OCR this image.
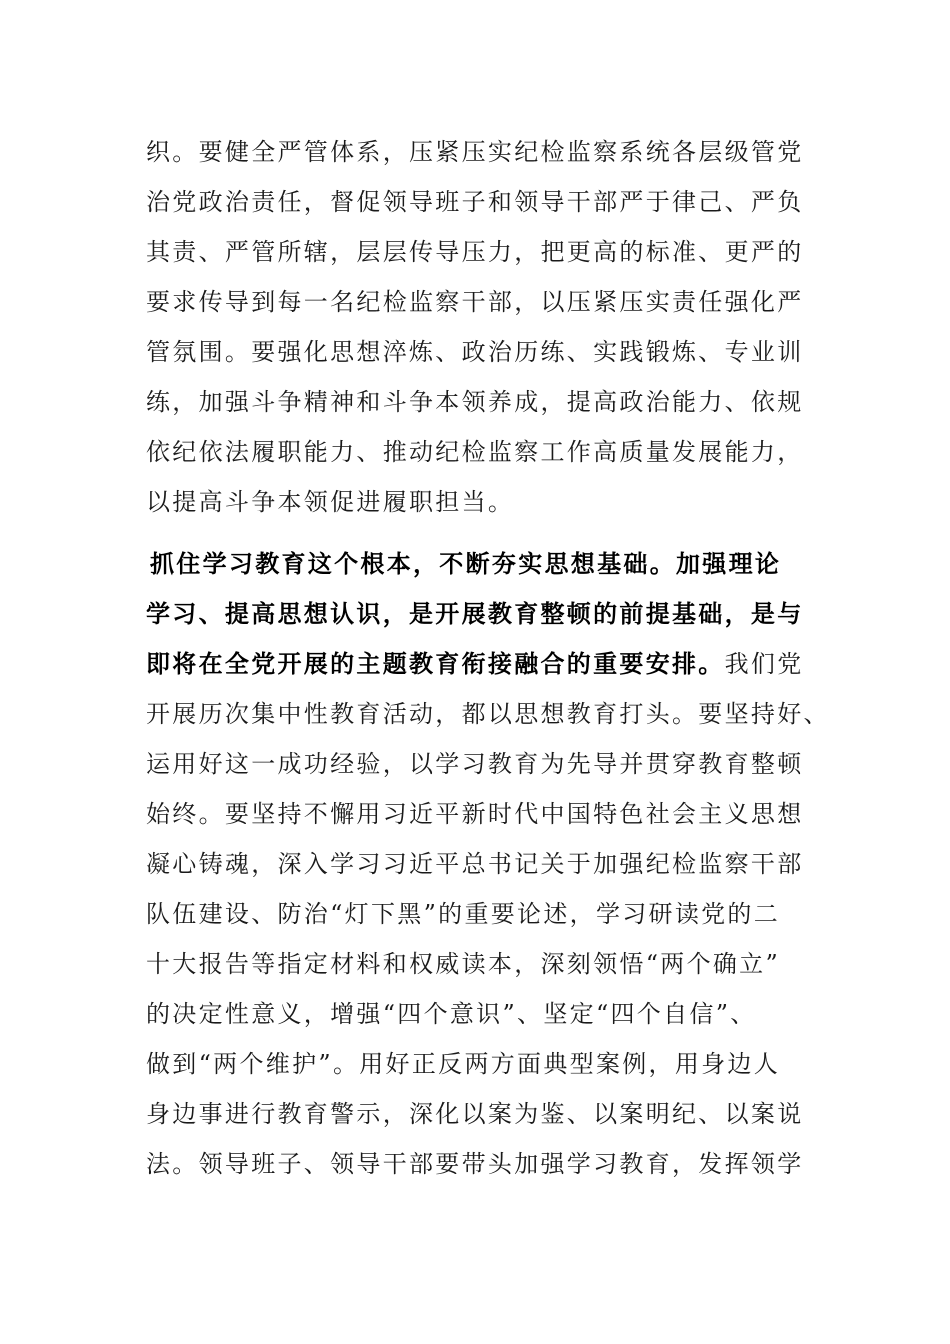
织。要健全严管体系，压紧压实纪检监察系统各层级管党
治党政治责任，督促领导班子和领导干部严于律己、严负
其责、严管所辖，层层传导压力，把更高的标准、更严的
要求传导到每一名纪检监察干部，以压紧压实责任强化严
管氛围。要强化思想淬炼、政治历练、实践锻炼、专业训
练，加强斗争精神和斗争本领养成，提高政治能力、依规
依纪依法履职能力、推动纪检监察工作高质量发展能力，
以提高斗争本领促进履职担当。
抓住学习教育这个根本，不断夯实思想基础。加强理论
学习、提高思想认识，是开展教育整顿的前提基础，是与
即将在全党开展的主题教育衔接融合的重要安排。我们党
开展历次集中性教育活动，都以思想教育打头。要坚持好、
运用好这一成功经验，以学习教育为先导并贯穿教育整顿
始终。要坚持不懈用习近平新时代中国特色社会主义思想
凝心铸魂，深入学习习近平总书记关于加强纪检监察干部
队伍建设、防治“灯下黑”的重要论述，学习研读党的二
十大报告等指定材料和权威读本，深刻领悟“两个确立”
的决定性意义，增强“四个意识”、坚定“四个自信”、
做到“两个维护”。用好正反两方面典型案例，用身边人
身边事进行教育警示，深化以案为鉴、以案明纪、以案说
法。领导班子、领导干部要带头加强学习教育，发挥领学
